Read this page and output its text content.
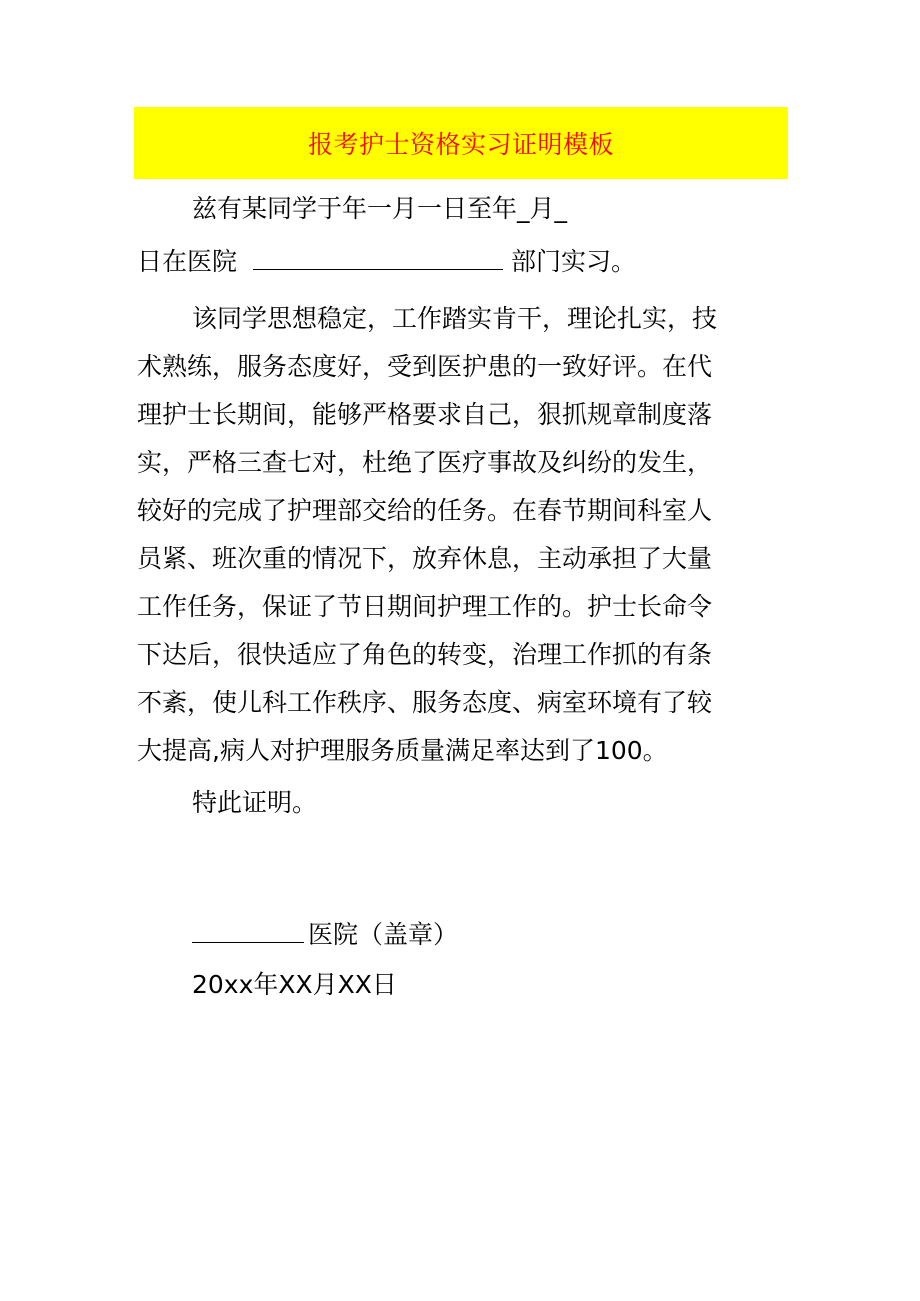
报考护士资格实习证明模板

兹有某同学于年一月一日至年_月_

日在医院	部门实习。

该同学思想稳定，工作踏实肯干，理论扎实，技
术熟练，服务态度好，受到医护患的一致好评。在代
理护士长期间，能够严格要求自己，狠抓规章制度落
实，严格三查七对，杜绝了医疗事故及纠纷的发生，
较好的完成了护理部交给的任务。在春节期间科室人
员紧、班次重的情况下，放弃休息，主动承担了大量
工作任务，保证了节日期间护理工作的。护士长命令
下达后，很快适应了角色的转变，治理工作抓的有条
不紊，使儿科工作秩序、服务态度、病室环境有了较
大提高,病人对护理服务质量满足率达到了100。

特此证明。

医院（盖章）
20xx年XX月XX日
